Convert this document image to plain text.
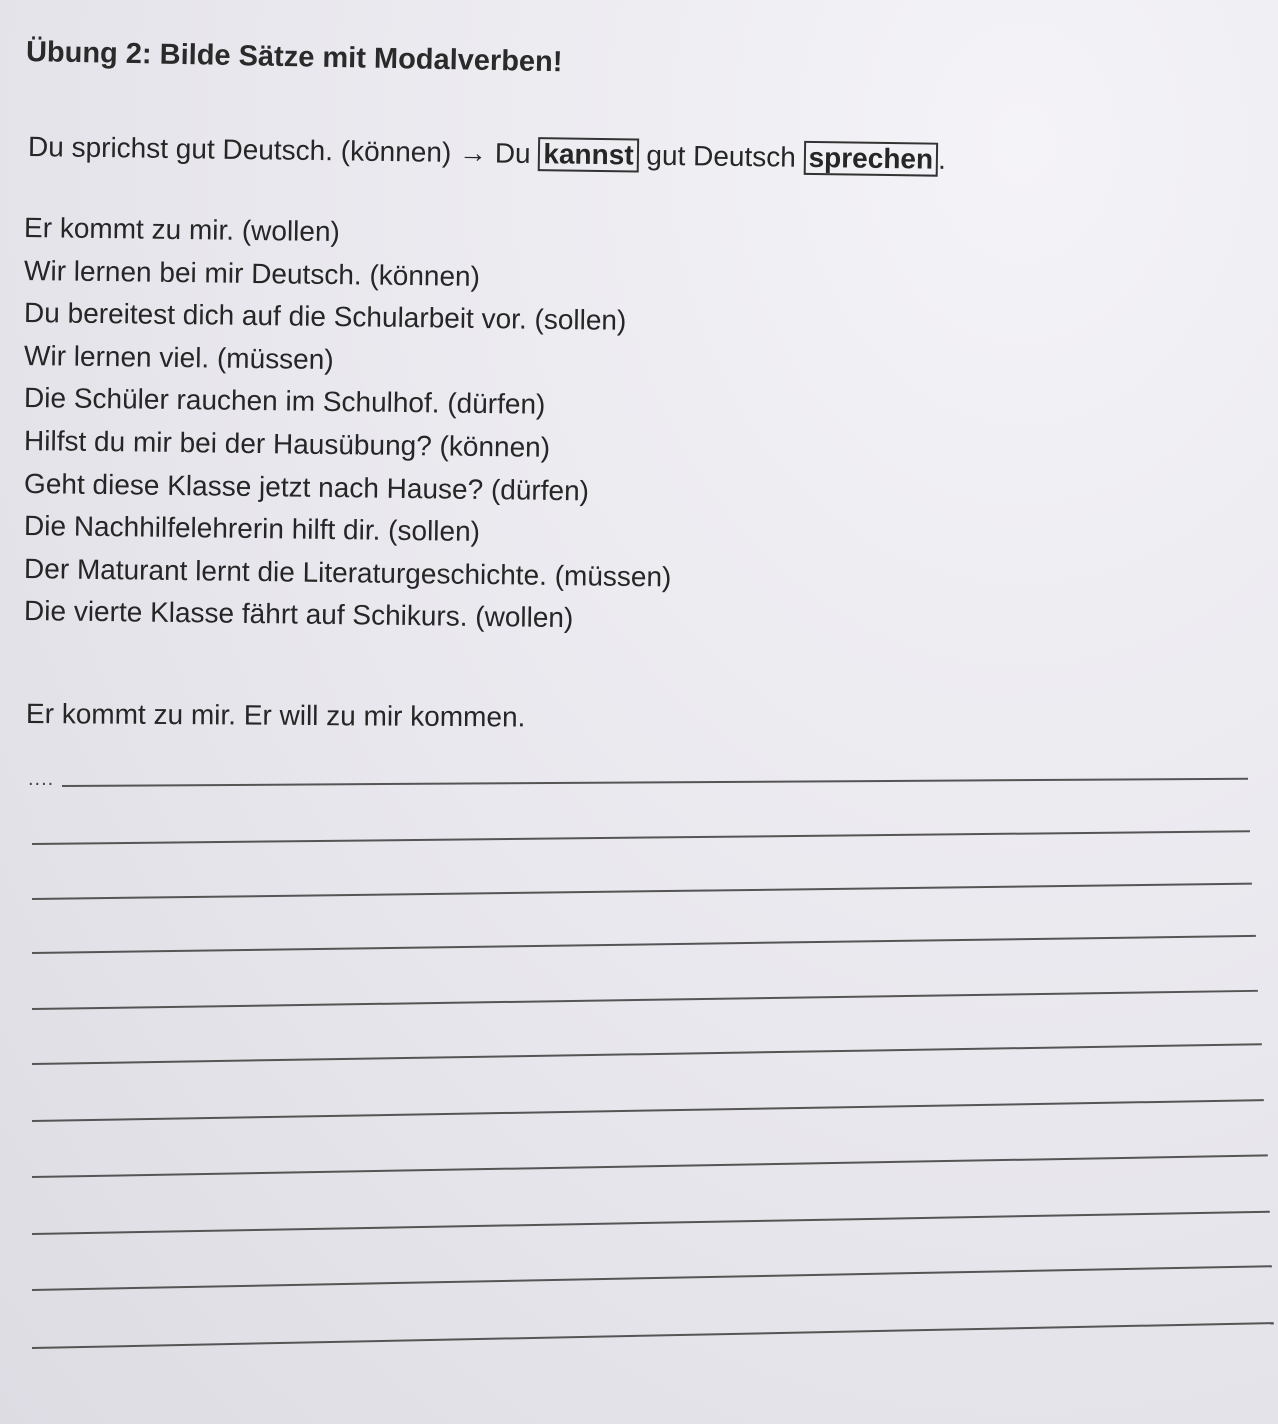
Übung 2: Bilde Sätze mit Modalverben!
Du sprichst gut Deutsch. (können) → Du kannst gut Deutsch sprechen .
Er kommt zu mir. (wollen)
Wir lernen bei mir Deutsch. (können)
Du bereitest dich auf die Schularbeit vor. (sollen)
Wir lernen viel. (müssen)
Die Schüler rauchen im Schulhof. (dürfen)
Hilfst du mir bei der Hausübung? (können)
Geht diese Klasse jetzt nach Hause? (dürfen)
Die Nachhilfelehrerin hilft dir. (sollen)
Der Maturant lernt die Literaturgeschichte. (müssen)
Die vierte Klasse fährt auf Schikurs. (wollen)
Er kommt zu mir. Er will zu mir kommen.
....
